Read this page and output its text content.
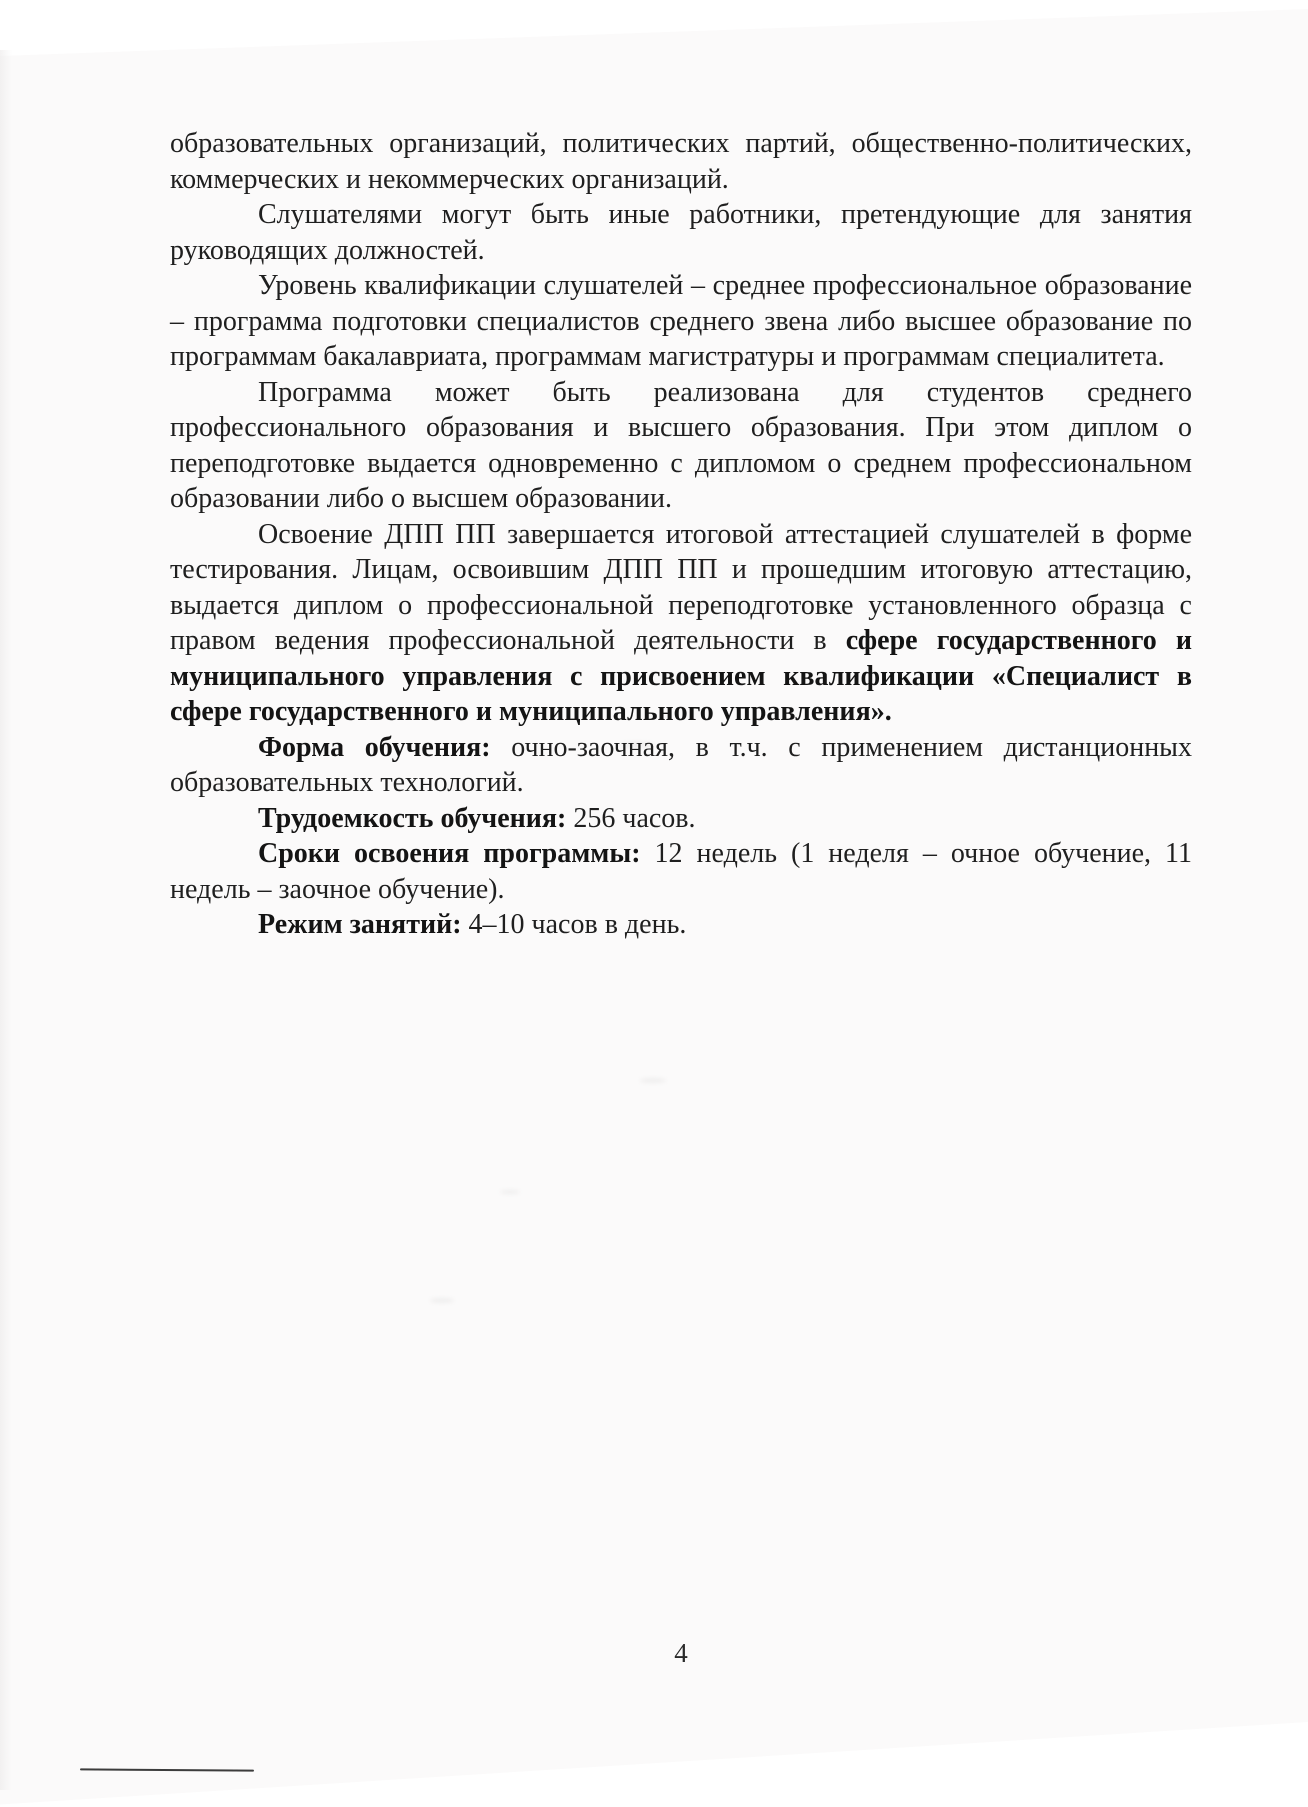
образовательных организаций, политических партий, общественно-политических, коммерческих и некоммерческих организаций.

Слушателями могут быть иные работники, претендующие для занятия руководящих должностей.

Уровень квалификации слушателей – среднее профессиональное образование – программа подготовки специалистов среднего звена либо высшее образование по программам бакалавриата, программам магистратуры и программам специалитета.

Программа может быть реализована для студентов среднего профессионального образования и высшего образования. При этом диплом о переподготовке выдается одновременно с дипломом о среднем профессиональном образовании либо о высшем образовании.

Освоение ДПП ПП завершается итоговой аттестацией слушателей в форме тестирования. Лицам, освоившим ДПП ПП и прошедшим итоговую аттестацию, выдается диплом о профессиональной переподготовке установленного образца с правом ведения профессиональной деятельности в сфере государственного и муниципального управления с присвоением квалификации «Специалист в сфере государственного и муниципального управления».

Форма обучения: очно-заочная, в т.ч. с применением дистанционных образовательных технологий.

Трудоемкость обучения: 256 часов.

Сроки освоения программы: 12 недель (1 неделя – очное обучение, 11 недель – заочное обучение).

Режим занятий: 4–10 часов в день.

4
